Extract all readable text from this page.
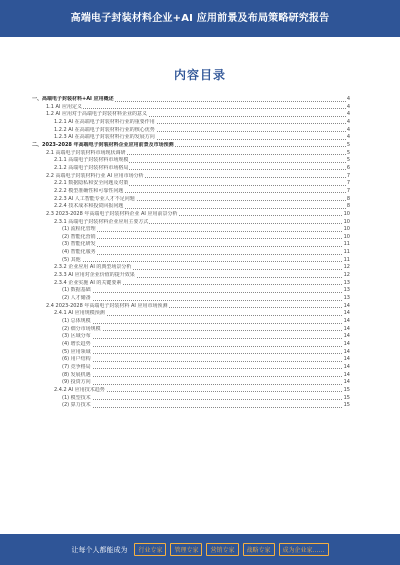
高端电子封装材料企业+AI 应用前景及布局策略研究报告
内容目录
一、高端电子封装材料+AI 应用概述	4
1.1 AI 应用定义	4
1.2 AI 应用对于高端电子封装材料企业的意义	4
1.2.1 AI 在高端电子封装材料行业的重要作用	4
1.2.2 AI 在高端电子封装材料行业的核心优势	4
1.2.3 AI 在高端电子封装材料行业的发展方向	4
二、2023-2028 年高端电子封装材料企业应用前景及市场预测	5
2.1 高端电子封装材料市场现状调研	5
2.1.1 高端电子封装材料市场规模	5
2.1.2 高端电子封装材料市场格局	6
2.2 高端电子封装材料行业 AI 应用市场分析	7
2.2.1 数据隐私和安全问题及对策	7
2.2.2 模型准确性和可靠性问题	7
2.2.3 AI 人工智能专业人才不足问题	8
2.2.4 技术成本和投资回报问题	8
2.3 2023-2028 年高端电子封装材料企业 AI 应用前景分析	10
2.3.1 高端电子封装材料企业应用主要方式	10
(1) 流程化管理	10
(2) 智能化营销	10
(3) 智能化研发	11
(4) 智能化服务	11
(5) 其他	11
2.3.2 企业应用 AI 的典型场景分析	12
2.3.3 AI 应用对企业价值的提升效果	12
2.3.4 企业实施 AI 的关键要素	13
(1) 数据基础	13
(2) 人才储备	13
2.4 2023-2028 年高端电子封装材料 AI 应用市场预测	14
2.4.1 AI 应用规模预测	14
(1) 总体规模	14
(2) 细分市场规模	14
(3) 区域分布	14
(4) 增长趋势	14
(5) 应用领域	14
(6) 用户结构	14
(7) 竞争格局	14
(8) 发展机遇	14
(9) 投资方向	14
2.4.2 AI 应用技术趋势	15
(1) 模型技术	15
(2) 算力技术	15
让每个人都能成为	行业专家	管理专家	营销专家	战略专家	成为企业家……
